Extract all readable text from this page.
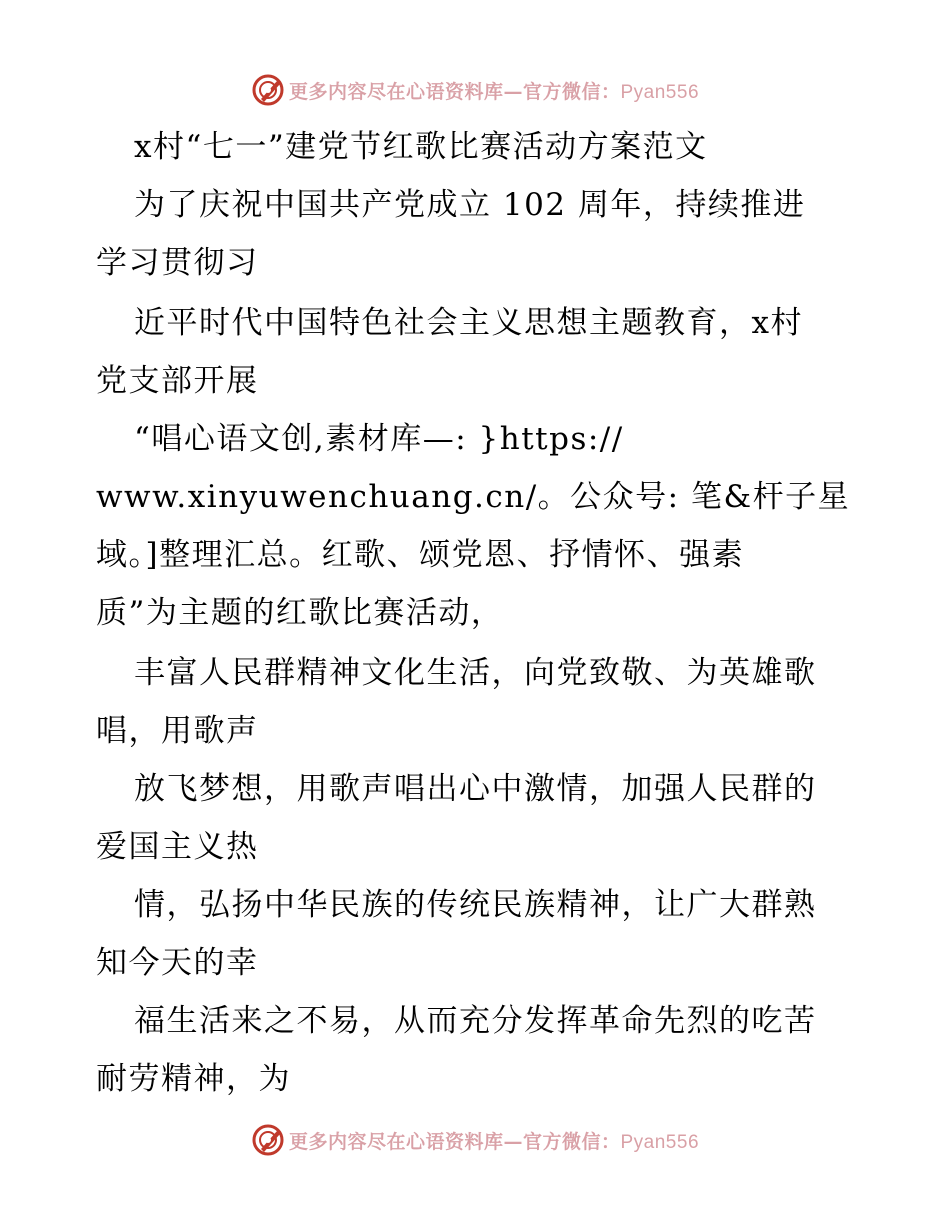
更多内容尽在心语资料库—官方微信：Pyan556
x村“七一”建党节红歌比赛活动方案范文
为了庆祝中国共产党成立 102 周年，持续推进
学习贯彻习
近平时代中国特色社会主义思想主题教育，x村
党支部开展
“唱心语文创,素材库—: }https://
www.xinyuwenchuang.cn/。公众号: 笔&杆子星
域。]整理汇总。红歌、颂党恩、抒情怀、强素
质”为主题的红歌比赛活动，
丰富人民群精神文化生活，向党致敬、为英雄歌
唱，用歌声
放飞梦想，用歌声唱出心中激情，加强人民群的
爱国主义热
情，弘扬中华民族的传统民族精神，让广大群熟
知今天的幸
福生活来之不易，从而充分发挥革命先烈的吃苦
耐劳精神，为
更多内容尽在心语资料库—官方微信：Pyan556
